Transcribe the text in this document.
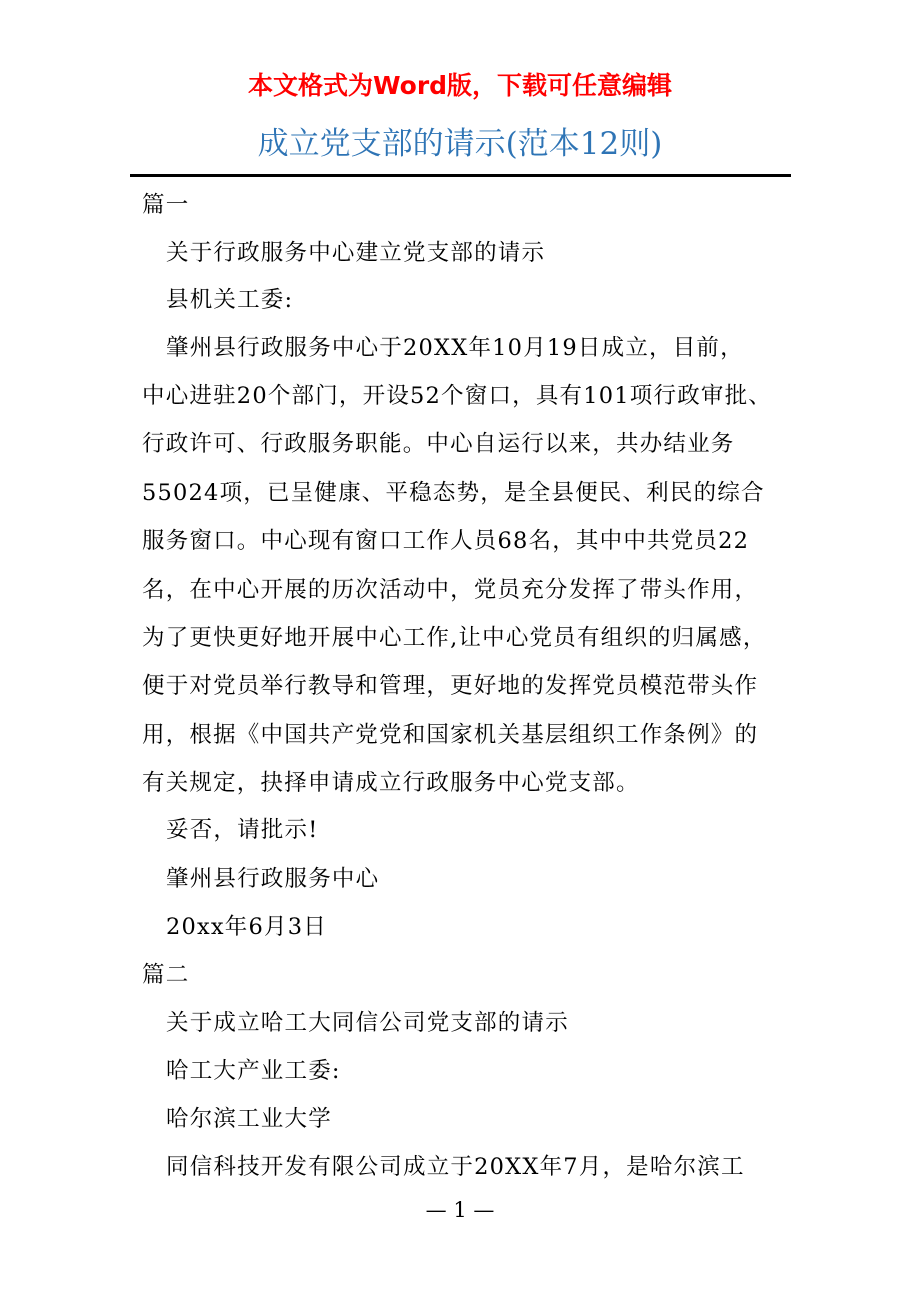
本文格式为Word版，下载可任意编辑
成立党支部的请示(范本12则)
篇一
关于行政服务中心建立党支部的请示
县机关工委:
肇州县行政服务中心于20XX年10月19日成立，目前，
中心进驻20个部门，开设52个窗口，具有101项行政审批、
行政许可、行政服务职能。中心自运行以来，共办结业务
55024项，已呈健康、平稳态势，是全县便民、利民的综合
服务窗口。中心现有窗口工作人员68名，其中中共党员22
名，在中心开展的历次活动中，党员充分发挥了带头作用，
为了更快更好地开展中心工作,让中心党员有组织的归属感，
便于对党员举行教导和管理，更好地的发挥党员模范带头作
用，根据《中国共产党党和国家机关基层组织工作条例》的
有关规定，抉择申请成立行政服务中心党支部。
妥否，请批示!
肇州县行政服务中心
20xx年6月3日
篇二
关于成立哈工大同信公司党支部的请示
哈工大产业工委:
哈尔滨工业大学
同信科技开发有限公司成立于20XX年7月，是哈尔滨工
— 1 —
